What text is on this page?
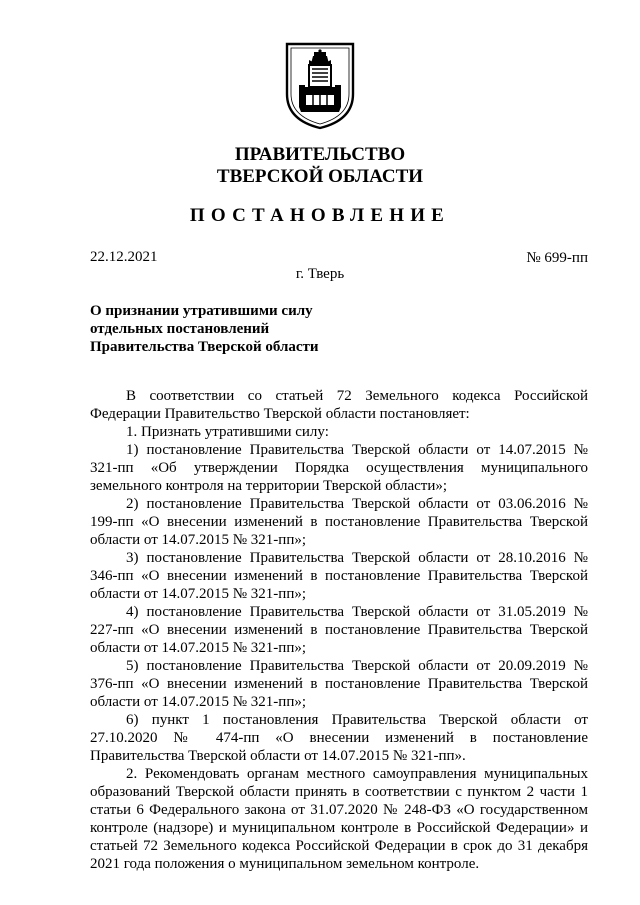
ПРАВИТЕЛЬСТВО
ТВЕРСКОЙ ОБЛАСТИ
ПОСТАНОВЛЕНИЕ
22.12.2021	№ 699-пп
г. Тверь
О признании утратившими силу
отдельных постановлений
Правительства Тверской области

В соответствии со статьей 72 Земельного кодекса Российской Федерации Правительство Тверской области постановляет:

1. Признать утратившими силу:

1) постановление Правительства Тверской области от 14.07.2015 № 321-пп «Об утверждении Порядка осуществления муниципального земельного контроля на территории Тверской области»;

2) постановление Правительства Тверской области от 03.06.2016 № 199-пп «О внесении изменений в постановление Правительства Тверской области от 14.07.2015 № 321-пп»;

3) постановление Правительства Тверской области от 28.10.2016 № 346-пп «О внесении изменений в постановление Правительства Тверской области от 14.07.2015 № 321-пп»;

4) постановление Правительства Тверской области от 31.05.2019 № 227-пп «О внесении изменений в постановление Правительства Тверской области от 14.07.2015 № 321-пп»;

5) постановление Правительства Тверской области от 20.09.2019 № 376-пп «О внесении изменений в постановление Правительства Тверской области от 14.07.2015 № 321-пп»;

6) пункт 1 постановления Правительства Тверской области от 27.10.2020 № 474-пп «О внесении изменений в постановление Правительства Тверской области от 14.07.2015 № 321-пп».

2. Рекомендовать органам местного самоуправления муниципальных образований Тверской области принять в соответствии с пунктом 2 части 1 статьи 6 Федерального закона от 31.07.2020 № 248-ФЗ «О государственном контроле (надзоре) и муниципальном контроле в Российской Федерации» и статьей 72 Земельного кодекса Российской Федерации в срок до 31 декабря 2021 года положения о муниципальном земельном контроле.
